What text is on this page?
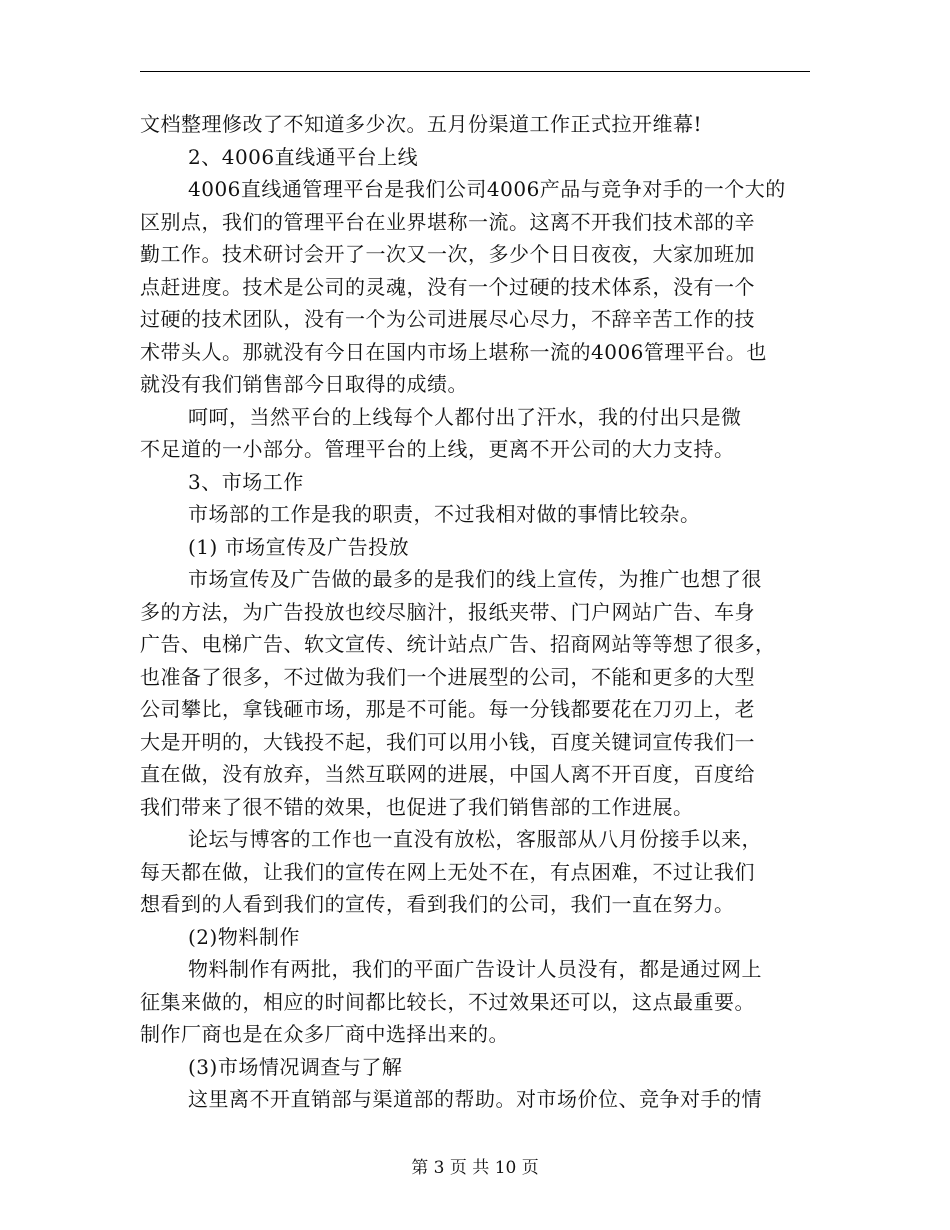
文档整理修改了不知道多少次。五月份渠道工作正式拉开维幕!
2、4006直线通平台上线
4006直线通管理平台是我们公司4006产品与竞争对手的一个大的
区别点，我们的管理平台在业界堪称一流。这离不开我们技术部的辛
勤工作。技术研讨会开了一次又一次，多少个日日夜夜，大家加班加
点赶进度。技术是公司的灵魂，没有一个过硬的技术体系，没有一个
过硬的技术团队，没有一个为公司进展尽心尽力，不辞辛苦工作的技
术带头人。那就没有今日在国内市场上堪称一流的4006管理平台。也
就没有我们销售部今日取得的成绩。
呵呵，当然平台的上线每个人都付出了汗水，我的付出只是微
不足道的一小部分。管理平台的上线，更离不开公司的大力支持。
3、市场工作
市场部的工作是我的职责，不过我相对做的事情比较杂。
(1) 市场宣传及广告投放
市场宣传及广告做的最多的是我们的线上宣传，为推广也想了很
多的方法，为广告投放也绞尽脑汁，报纸夹带、门户网站广告、车身
广告、电梯广告、软文宣传、统计站点广告、招商网站等等想了很多，
也准备了很多，不过做为我们一个进展型的公司，不能和更多的大型
公司攀比，拿钱砸市场，那是不可能。每一分钱都要花在刀刃上，老
大是开明的，大钱投不起，我们可以用小钱，百度关键词宣传我们一
直在做，没有放弃，当然互联网的进展，中国人离不开百度，百度给
我们带来了很不错的效果，也促进了我们销售部的工作进展。
论坛与博客的工作也一直没有放松，客服部从八月份接手以来，
每天都在做，让我们的宣传在网上无处不在，有点困难，不过让我们
想看到的人看到我们的宣传，看到我们的公司，我们一直在努力。
(2)物料制作
物料制作有两批，我们的平面广告设计人员没有，都是通过网上
征集来做的，相应的时间都比较长，不过效果还可以，这点最重要。
制作厂商也是在众多厂商中选择出来的。
(3)市场情况调查与了解
这里离不开直销部与渠道部的帮助。对市场价位、竞争对手的情
第 3 页 共 10 页
